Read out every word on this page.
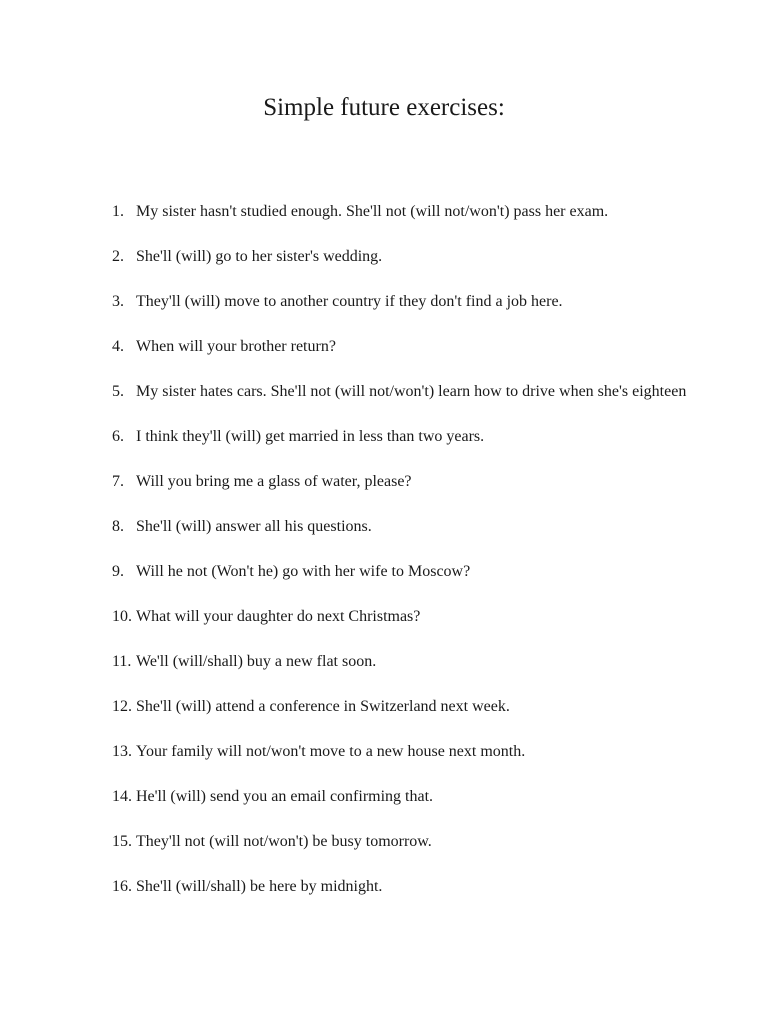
Simple future exercises:
1. My sister hasn't studied enough. She'll not (will not/won't) pass her exam.
2. She'll (will) go to her sister's wedding.
3. They'll (will) move to another country if they don't find a job here.
4. When will your brother return?
5. My sister hates cars. She'll not (will not/won't) learn how to drive when she's eighteen
6. I think they'll (will) get married in less than two years.
7. Will you bring me a glass of water, please?
8. She'll (will) answer all his questions.
9. Will he not (Won't he) go with her wife to Moscow?
10. What will your daughter do next Christmas?
11. We'll (will/shall) buy a new flat soon.
12. She'll (will) attend a conference in Switzerland next week.
13. Your family will not/won't move to a new house next month.
14. He'll (will) send you an email confirming that.
15. They'll not (will not/won't) be busy tomorrow.
16. She'll (will/shall) be here by midnight.
